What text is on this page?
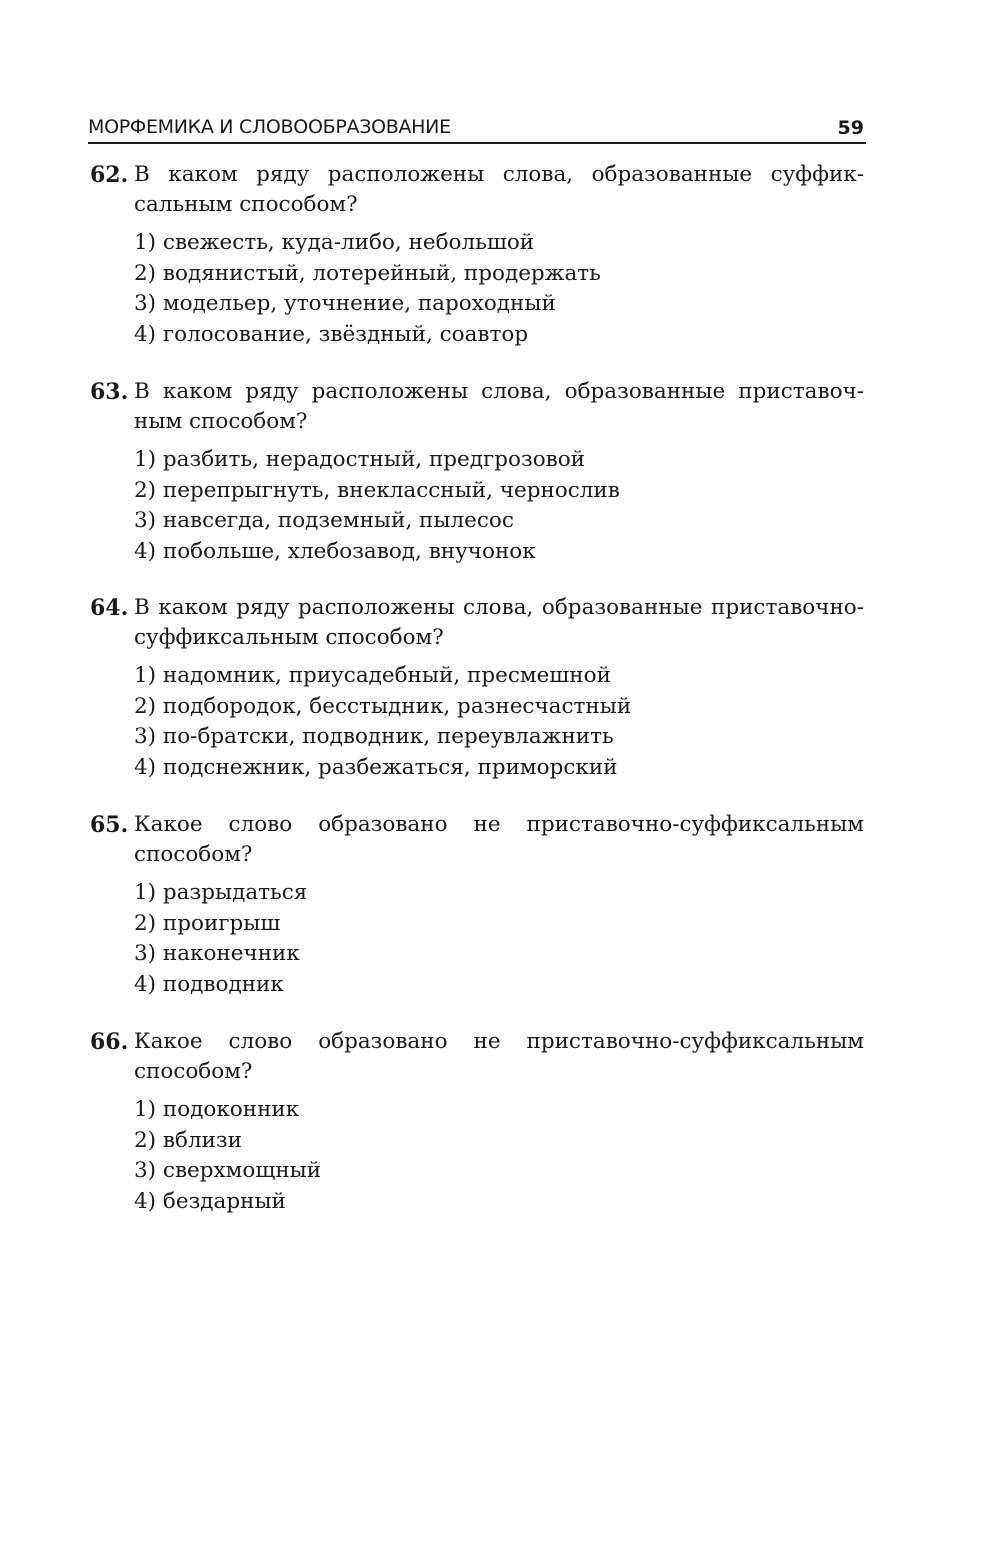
МОРФЕМИКА И СЛОВООБРАЗОВАНИЕ	59
62. В каком ряду расположены слова, образованные суффиксальным способом?
1) свежесть, куда-либо, небольшой
2) водянистый, лотерейный, продержать
3) модельер, уточнение, пароходный
4) голосование, звёздный, соавтор
63. В каком ряду расположены слова, образованные приставочным способом?
1) разбить, нерадостный, предгрозовой
2) перепрыгнуть, внеклассный, чернослив
3) навсегда, подземный, пылесос
4) побольше, хлебозавод, внучонок
64. В каком ряду расположены слова, образованные приставочно-суффиксальным способом?
1) надомник, приусадебный, пресмешной
2) подбородок, бесстыдник, разнесчастный
3) по-братски, подводник, переувлажнить
4) подснежник, разбежаться, приморский
65. Какое слово образовано не приставочно-суффиксальным способом?
1) разрыдаться
2) проигрыш
3) наконечник
4) подводник
66. Какое слово образовано не приставочно-суффиксальным способом?
1) подоконник
2) вблизи
3) сверхмощный
4) бездарный
